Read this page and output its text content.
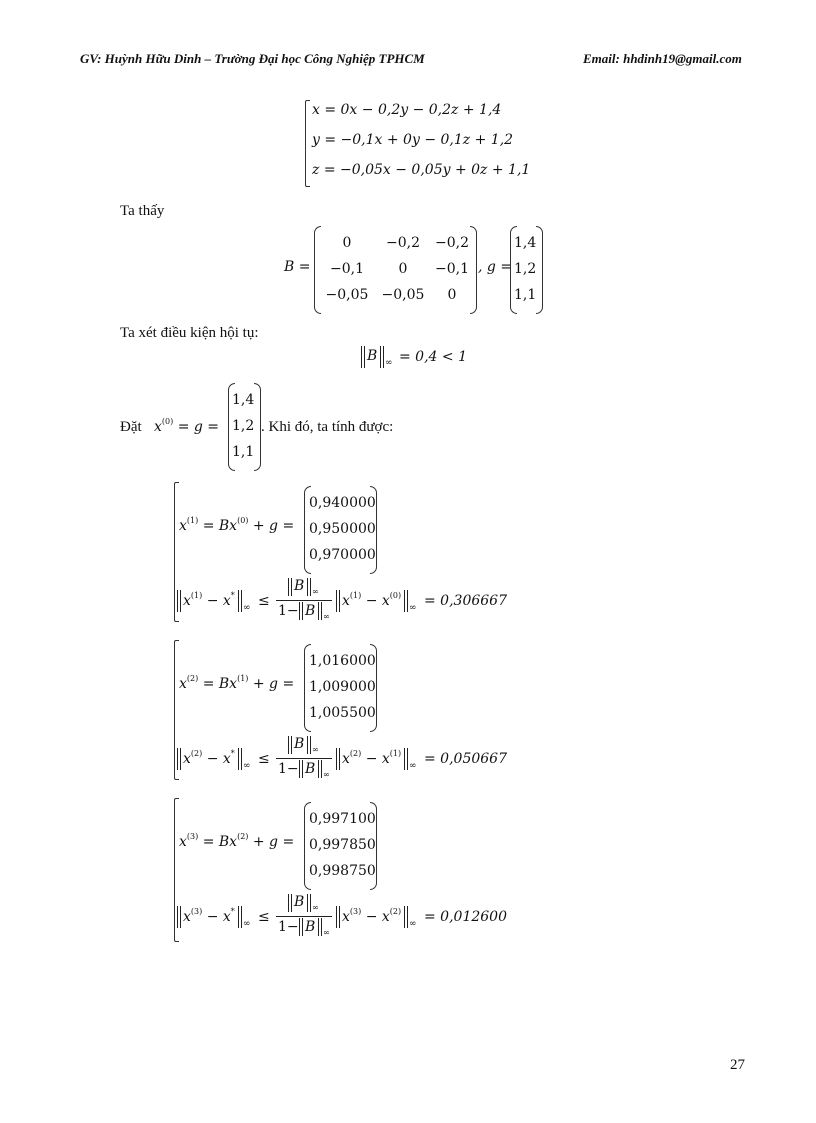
GV: Huỳnh Hữu Dinh – Trường Đại học Công Nghiệp TPHCM	Email: hhdinh19@gmail.com
x = 0x − 0,2y − 0,2z + 1,4
y = −0,1x + 0y − 0,1z + 1,2
z = −0,05x − 0,05y + 0z + 1,1
Ta thấy
B =
0 −0,2 −0,2
−0,1 0 −0,1
−0,05 −0,05 0
, g =
1,4
1,2
1,1
Ta xét điều kiện hội tụ:
B ∞ = 0,4 < 1
Đặt $x^{(0)} = g$ =
1,4
1,2
1,1
. Khi đó, ta tính được:
$x^{(1)} = Bx^{(0)} + g$ =
0,940000
0,950000
0,970000
$x^{(1)} - x^*$
∞ ≤
B ∞
1− B ∞
$x^{(1)} - x^{(0)}$
∞ = 0,306667
$x^{(2)} = Bx^{(1)} + g$ =
1,016000
1,009000
1,005500
$x^{(2)} - x^*$
∞ ≤
B ∞
1− B ∞
$x^{(2)} - x^{(1)}$
∞ = 0,050667
$x^{(3)} = Bx^{(2)} + g$ =
0,997100
0,997850
0,998750
$x^{(3)} - x^*$
∞ ≤
B ∞
1− B ∞
$x^{(3)} - x^{(2)}$
∞ = 0,012600
27
